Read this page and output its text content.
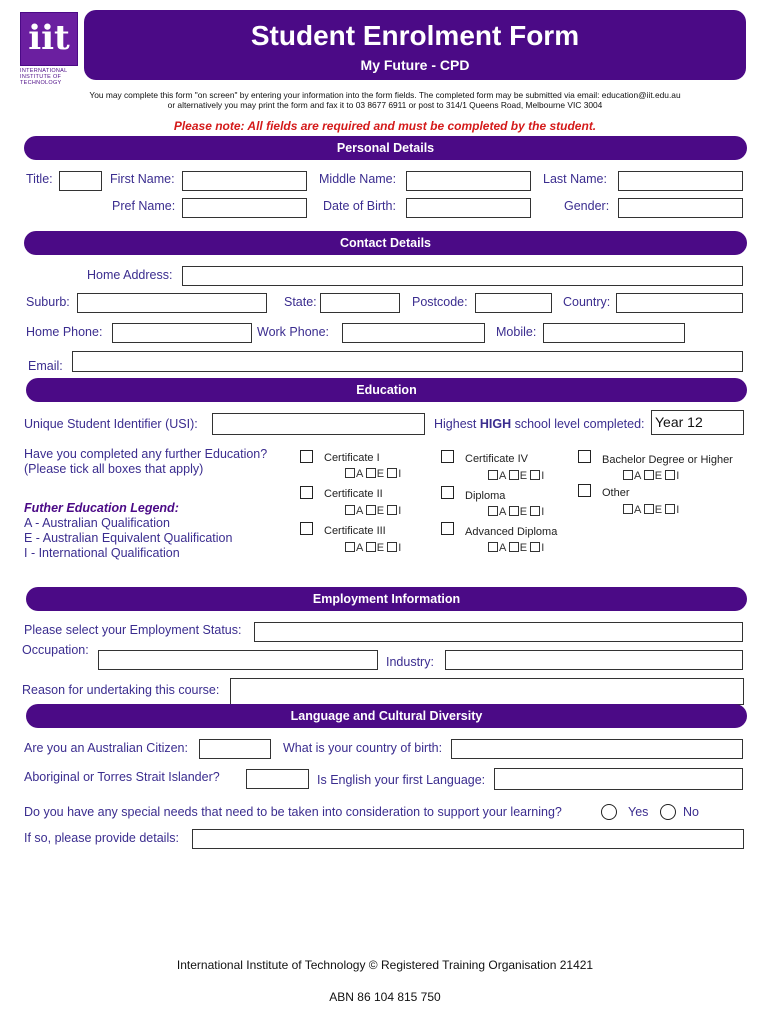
iit
INTERNATIONAL
INSTITUTE OF
TECHNOLOGY
Student Enrolment Form
My Future - CPD
You may complete this form "on screen" by entering your information into the form fields. The completed form may be submitted via email: education@iit.edu.au
or alternatively you may print the form and fax it to 03 8677 6911 or post to 314/1 Queens Road, Melbourne VIC 3004
Please note: All fields are required and must be completed by the student.
Personal Details
Title:	First Name:	Middle Name:	Last Name:
Pref Name:	Date of Birth:	Gender:
Contact Details
Home Address:
Suburb:	State:	Postcode:	Country:
Home Phone:	Work Phone:	Mobile:
Email:
Education
Unique Student Identifier (USI):	Highest HIGH school level completed: Year 12
Have you completed any further Education?
(Please tick all boxes that apply)
Futher Education Legend:
A - Australian Qualification
E - Australian Equivalent Qualification
I - International Qualification
Certificate I
A E I
Certificate II
A E I
Certificate III
A E I
Certificate IV
A E I
Diploma
A E I
Advanced Diploma
A E I
Bachelor Degree or Higher
A E I
Other
A E I
Employment Information
Please select your Employment Status:
Occupation:
Industry:
Reason for undertaking this course:
Language and Cultural Diversity
Are you an Australian Citizen:	What is your country of birth:
Aboriginal or Torres Strait Islander?	Is English your first Language:
Do you have any special needs that need to be taken into consideration to support your learning?	Yes	No
If so, please provide details:
International Institute of Technology © Registered Training Organisation 21421
ABN 86 104 815 750
